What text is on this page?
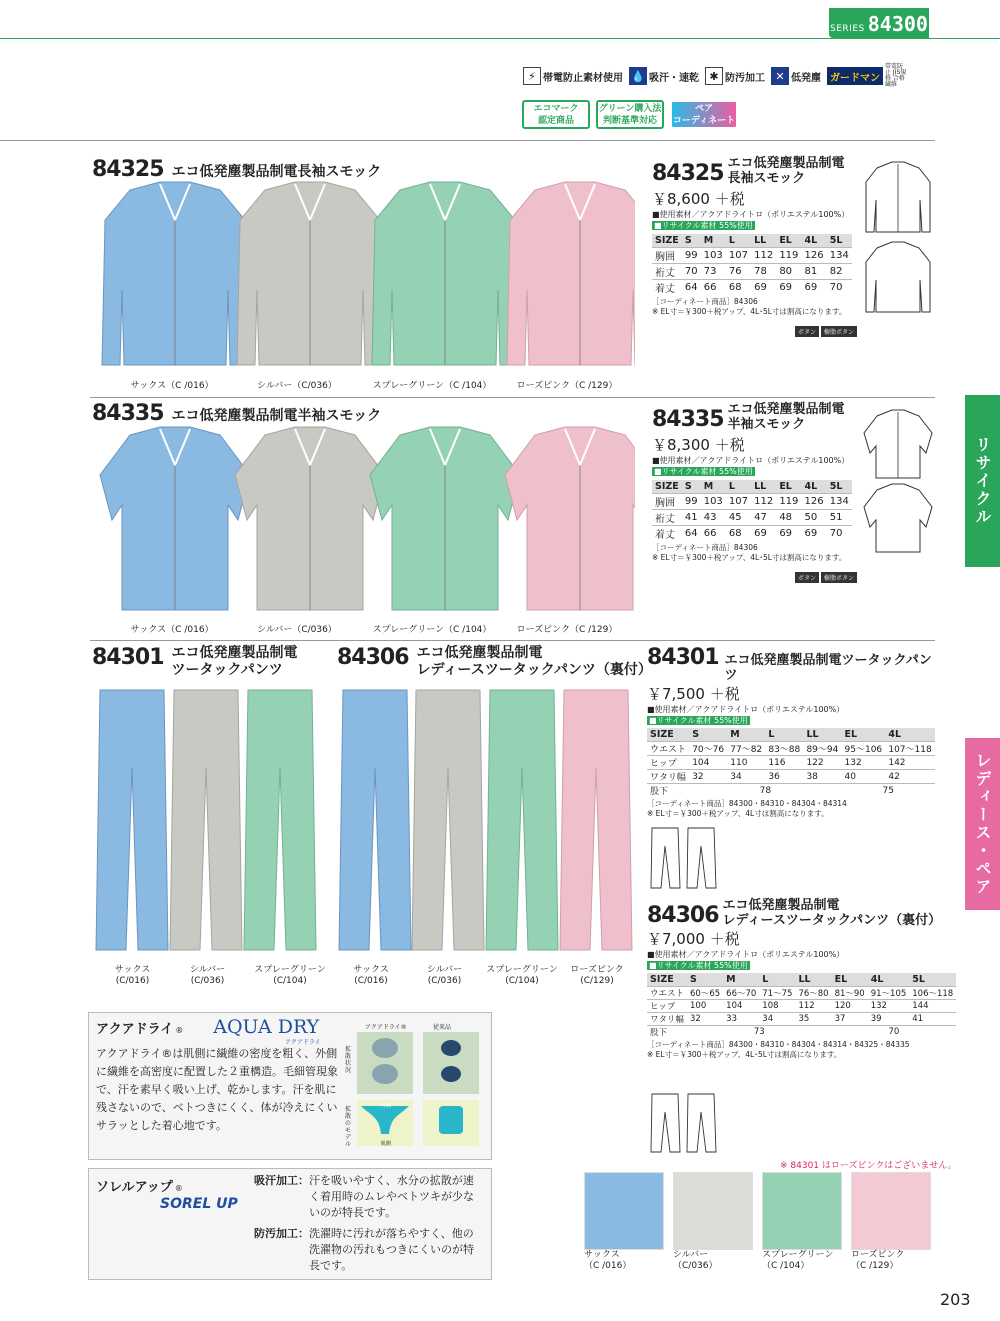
SERIES 84300
⚡ 帯電防止素材使用 💧 吸汗・速乾 ✱ 防汚加工 ✕ 低発塵 ガードマン
帯電防止 JIS規格 合格繊維
エコマーク
認定商品
グリーン購入法
判断基準対応
ペア
コーディネート
84325 エコ低発塵製品制電長袖スモック
サックス（C /016）	シルバー（C/036）	スプレーグリーン（C /104）	ローズピンク（C /129）
84325 エコ低発塵製品制電
長袖スモック
￥8,600 ＋税
■使用素材／アクアドライトロ（ポリエステル100%）
■リサイクル素材 55%使用
SIZE	S	M	L	LL	EL	4L	5L
胸囲	99	103	107	112	119	126	134
裄丈	70	73	76	78	80	81	82
着丈	64	66	68	69	69	69	70
［コーディネート商品］84306
※ EL寸＝￥300＋税アップ、4L･5L寸は割高になります。
ボタン 樹脂ボタン
84335 エコ低発塵製品制電半袖スモック
サックス（C /016）	シルバー（C/036）	スプレーグリーン（C /104）	ローズピンク（C /129）
84335 エコ低発塵製品制電
半袖スモック
￥8,300 ＋税
■使用素材／アクアドライトロ（ポリエステル100%）
■リサイクル素材 55%使用
SIZE	S	M	L	LL	EL	4L	5L
胸囲	99	103	107	112	119	126	134
裄丈	41	43	45	47	48	50	51
着丈	64	66	68	69	69	69	70
［コーディネート商品］84306
※ EL寸＝￥300＋税アップ、4L･5L寸は割高になります。
ボタン 樹脂ボタン
リサイクル
レディース・ペア
84301 エコ低発塵製品制電
ツータックパンツ	84306 エコ低発塵製品制電
レディースツータックパンツ（裏付）
サックス
(C/016)
シルバー
(C/036)
スプレーグリーン
(C/104)
サックス
(C/016)
シルバー
(C/036)
スプレーグリーン
(C/104)
ローズピンク
(C/129)
84301 エコ低発塵製品制電ツータックパンツ
￥7,500 ＋税
■使用素材／アクアドライトロ（ポリエステル100%）
■リサイクル素材 55%使用
SIZE	S	M	L	LL	EL	4L
ウエスト	70～76	77～82	83～88	89～94	95～106	107～118
ヒップ	104	110	116	122	132	142
ワタリ幅	32	34	36	38	40	42
股下	78				75	
［コーディネート商品］84300・84310・84304・84314
※ EL寸＝￥300＋税アップ、4L寸は割高になります。
84306 エコ低発塵製品制電
レディースツータックパンツ（裏付）
￥7,000 ＋税
■使用素材／アクアドライトロ（ポリエステル100%）
■リサイクル素材 55%使用
SIZE	S	M	L	LL	EL	4L	5L
ウエスト	60～65	66～70	71～75	76～80	81～90	91～105	106～118
ヒップ	100	104	108	112	120	132	144
ワタリ幅	32	33	34	35	37	39	41
股下	73				70		
［コーディネート商品］84300・84310・84304・84314・84325・84335
※ EL寸＝￥300＋税アップ、4L･5L寸は割高になります。
アクアドライ ® AQUA DRY
アクアドライ
アクアドライ®は肌側に繊維の密度を粗く、外側に繊維を高密度に配置した２重構造。毛細管現象で、汗を素早く吸い上げ、乾かします。汗を肌に残さないので、ベトつきにくく、体が冷えにくいサラッとした着心地です。
アクアドライ®	従来品
拡散状況
拡散のモデル
外側
肌側
ソレルアップ ®
SOREL UP
吸汗加工： 汗を吸いやすく、水分の拡散が速く着用時のムレやベトツキが少ないのが特長です。
防汚加工： 洗濯時に汚れが落ちやすく、他の洗濯物の汚れもつきにくいのが特長です。
※ 84301 はローズピンクはございません。
サックス
（C /016）
シルバー
（C/036）
スプレーグリーン
（C /104）
ローズピンク
（C /129）
203
